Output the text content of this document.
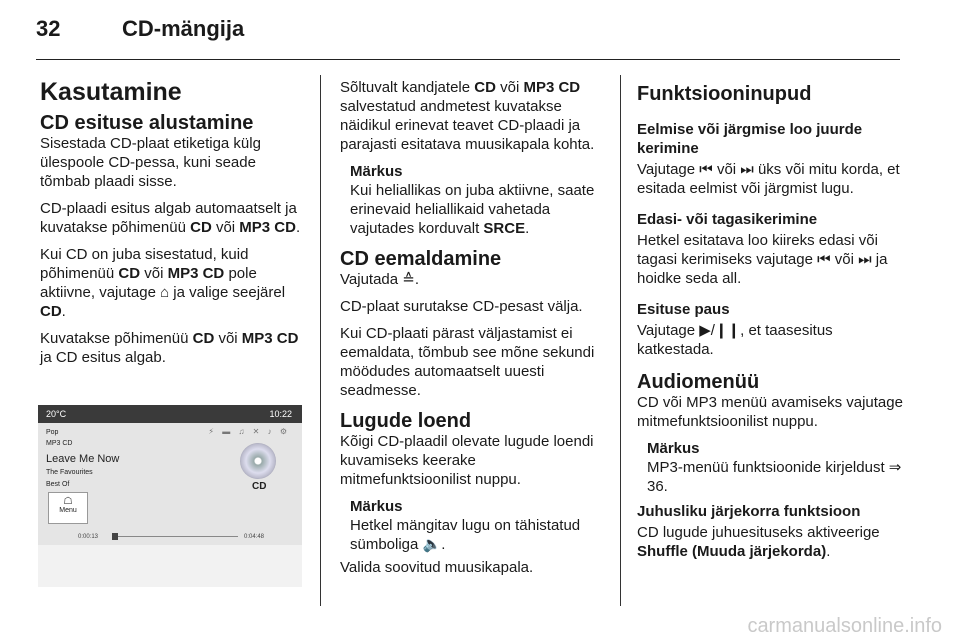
32	CD-mängija
Kasutamine
CD esituse alustamine

Sisestada CD-plaat etiketiga külg ülespoole CD-pessa, kuni seade tõmbab plaadi sisse.

CD-plaadi esitus algab automaatselt ja kuvatakse põhimenüü CD või MP3 CD.

Kui CD on juba sisestatud, kuid põhimenüü CD või MP3 CD pole aktiivne, vajutage ⌂ ja valige seejärel CD.

Kuvatakse põhimenüü CD või MP3 CD ja CD esitus algab.

20°C	10:22
⚡ ▬ ♫ ✕ ♪ ⚙
Pop
MP3 CD
Leave Me Now
The Favourites
Best Of	CD
☖
Menu
0:00:13	0:04:48

Sõltuvalt kandjatele CD või MP3 CD salvestatud andmetest kuvatakse näidikul erinevat teavet CD-plaadi ja parajasti esitatava muusikapala kohta.

Märkus

Kui heliallikas on juba aktiivne, saate erinevaid heliallikaid vahetada vajutades korduvalt SRCE.

CD eemaldamine

Vajutada ≙.

CD-plaat surutakse CD-pesast välja.

Kui CD-plaati pärast väljastamist ei eemaldata, tõmbub see mõne sekundi möödudes automaatselt uuesti seadmesse.

Lugude loend

Kõigi CD-plaadil olevate lugude loendi kuvamiseks keerake mitmefunktsioonilist nuppu.

Märkus

Hetkel mängitav lugu on tähistatud sümboliga 🔈.

Valida soovitud muusikapala.

Funktsiooninupud
Eelmise või järgmise loo juurde kerimine

Vajutage ⏮ või ⏭ üks või mitu korda, et esitada eelmist või järgmist lugu.

Edasi- või tagasikerimine

Hetkel esitatava loo kiireks edasi või tagasi kerimiseks vajutage ⏮ või ⏭ ja hoidke seda all.

Esituse paus

Vajutage ▶/❙❙, et taasesitus katkestada.

Audiomenüü

CD või MP3 menüü avamiseks vajutage mitmefunktsioonilist nuppu.

Märkus

MP3-menüü funktsioonide kirjeldust ⇒ 36.

Juhusliku järjekorra funktsioon

CD lugude juhuesituseks aktiveerige Shuffle (Muuda järjekorda).

carmanualsonline.info
